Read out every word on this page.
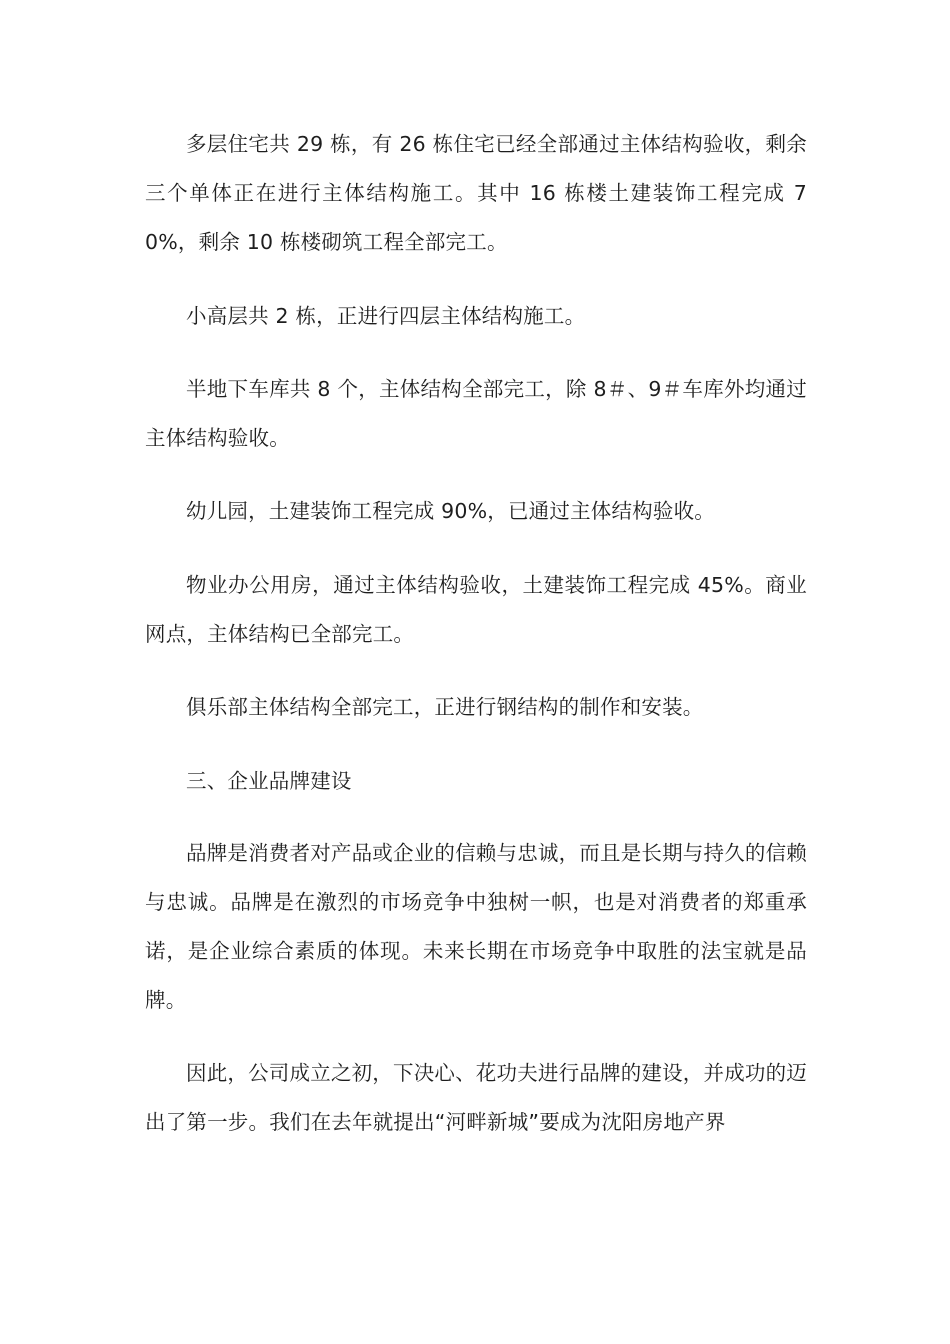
多层住宅共 29 栋，有 26 栋住宅已经全部通过主体结构验收，剩余三个单体正在进行主体结构施工。其中 16 栋楼土建装饰工程完成 70%，剩余 10 栋楼砌筑工程全部完工。

小高层共 2 栋，正进行四层主体结构施工。

半地下车库共 8 个，主体结构全部完工，除 8＃、9＃车库外均通过主体结构验收。

幼儿园，土建装饰工程完成 90%，已通过主体结构验收。

物业办公用房，通过主体结构验收，土建装饰工程完成 45%。商业网点，主体结构已全部完工。

俱乐部主体结构全部完工，正进行钢结构的制作和安装。

三、企业品牌建设

品牌是消费者对产品或企业的信赖与忠诚，而且是长期与持久的信赖与忠诚。品牌是在激烈的市场竞争中独树一帜，也是对消费者的郑重承诺，是企业综合素质的体现。未来长期在市场竞争中取胜的法宝就是品牌。

因此，公司成立之初，下决心、花功夫进行品牌的建设，并成功的迈出了第一步。我们在去年就提出“河畔新城”要成为沈阳房地产界
